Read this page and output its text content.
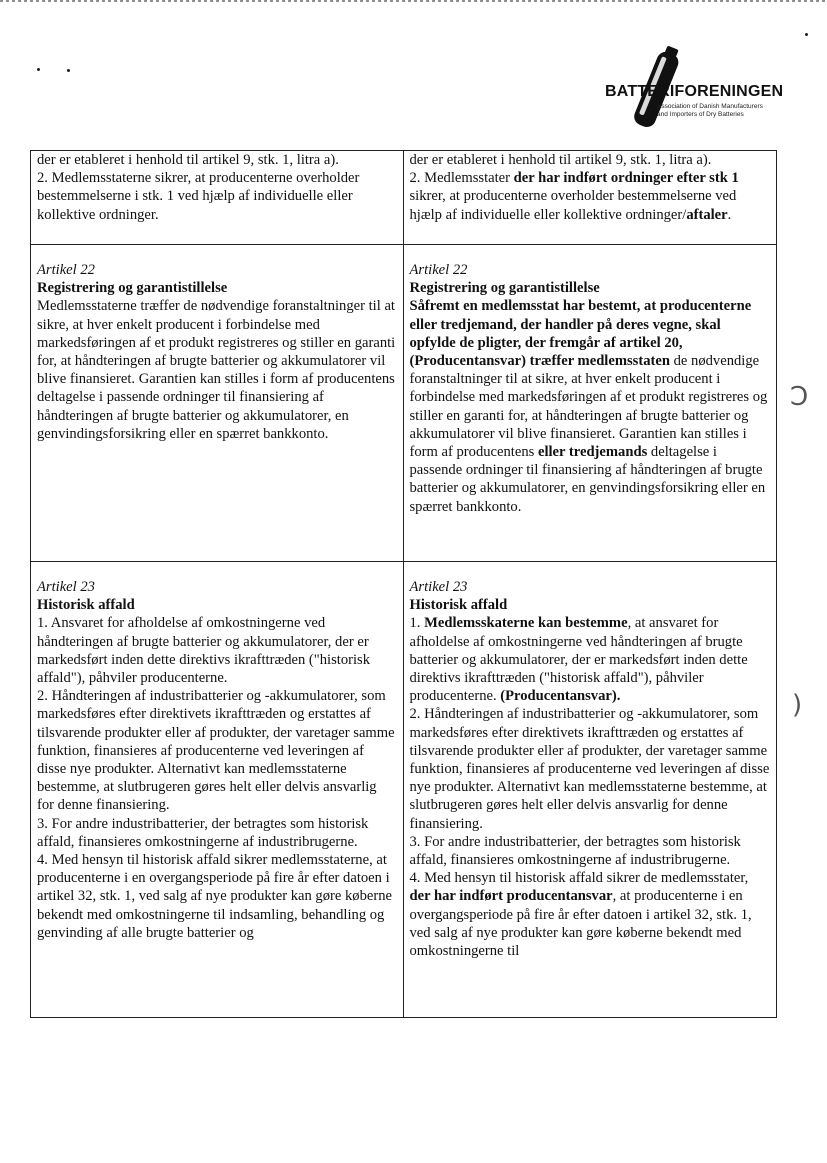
BATTERIFORENINGEN
Association of Danish Manufacturers
and Importers of Dry Batteries

der er etableret i henhold til artikel 9, stk. 1, litra a).

2. Medlemsstaterne sikrer, at producenterne overholder bestemmelserne i stk. 1 ved hjælp af individuelle eller kollektive ordninger.

der er etableret i henhold til artikel 9, stk. 1, litra a).

2. Medlemsstater der har indført ordninger efter stk 1 sikrer, at producenterne overholder bestemmelserne ved hjælp af individuelle eller kollektive ordninger/aftaler.

Artikel 22
Registrering og garantistillelse

Medlemsstaterne træffer de nødvendige foranstaltninger til at sikre, at hver enkelt producent i forbindelse med markedsføringen af et produkt registreres og stiller en garanti for, at håndteringen af brugte batterier og akkumulatorer vil blive finansieret. Garantien kan stilles i form af producentens deltagelse i passende ordninger til finansiering af håndteringen af brugte batterier og akkumulatorer, en genvindingsforsikring eller en spærret bankkonto.

Artikel 22
Registrering og garantistillelse

Såfremt en medlemsstat har bestemt, at producenterne eller tredjemand, der handler på deres vegne, skal opfylde de pligter, der fremgår af artikel 20, (Producentansvar) træffer medlemsstaten de nødvendige foranstaltninger til at sikre, at hver enkelt producent i forbindelse med markedsføringen af et produkt registreres og stiller en garanti for, at håndteringen af brugte batterier og akkumulatorer vil blive finansieret. Garantien kan stilles i form af producentens eller tredjemands deltagelse i passende ordninger til finansiering af håndteringen af brugte batterier og akkumulatorer, en genvindingsforsikring eller en spærret bankkonto.

Artikel 23
Historisk affald

1. Ansvaret for afholdelse af omkostningerne ved håndteringen af brugte batterier og akkumulatorer, der er markedsført inden dette direktivs ikrafttræden ("historisk affald"), påhviler producenterne.

2. Håndteringen af industribatterier og -akkumulatorer, som markedsføres efter direktivets ikrafttræden og erstattes af tilsvarende produkter eller af produkter, der varetager samme funktion, finansieres af producenterne ved leveringen af disse nye produkter. Alternativt kan medlemsstaterne bestemme, at slutbrugeren gøres helt eller delvis ansvarlig for denne finansiering.

3. For andre industribatterier, der betragtes som historisk affald, finansieres omkostningerne af industribrugerne.

4. Med hensyn til historisk affald sikrer medlemsstaterne, at producenterne i en overgangsperiode på fire år efter datoen i artikel 32, stk. 1, ved salg af nye produkter kan gøre køberne bekendt med omkostningerne til indsamling, behandling og genvinding af alle brugte batterier og

Artikel 23
Historisk affald

1. Medlemsskaterne kan bestemme, at ansvaret for afholdelse af omkostningerne ved håndteringen af brugte batterier og akkumulatorer, der er markedsført inden dette direktivs ikrafttræden ("historisk affald"), påhviler producenterne. (Producentansvar).

2. Håndteringen af industribatterier og -akkumulatorer, som markedsføres efter direktivets ikrafttræden og erstattes af tilsvarende produkter eller af produkter, der varetager samme funktion, finansieres af producenterne ved leveringen af disse nye produkter. Alternativt kan medlemsstaterne bestemme, at slutbrugeren gøres helt eller delvis ansvarlig for denne finansiering.

3. For andre industribatterier, der betragtes som historisk affald, finansieres omkostningerne af industribrugerne.

4. Med hensyn til historisk affald sikrer de medlemsstater, der har indført producentansvar, at producenterne i en overgangsperiode på fire år efter datoen i artikel 32, stk. 1, ved salg af nye produkter kan gøre køberne bekendt med omkostningerne til

Ↄ
)
